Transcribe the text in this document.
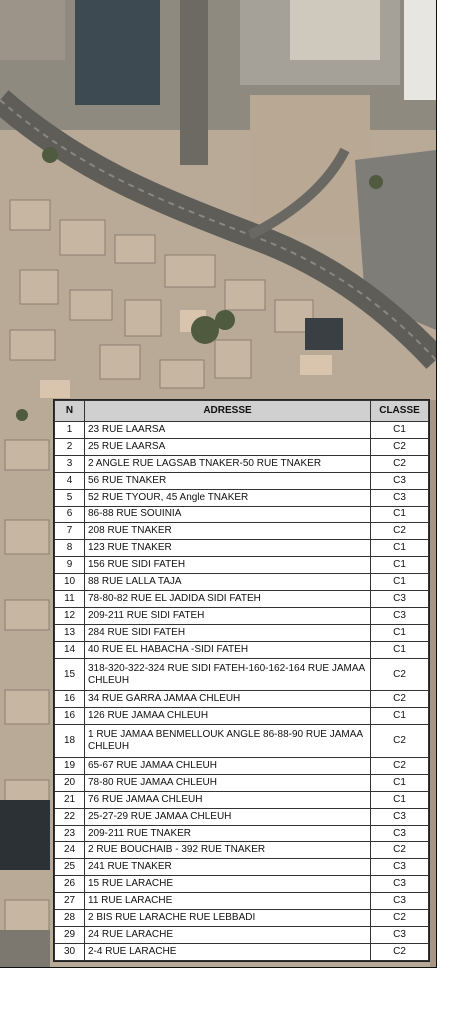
N	ADRESSE	CLASSE
1	23 RUE LAARSA	C1
2	25 RUE LAARSA	C2
3	2 ANGLE RUE LAGSAB TNAKER-50 RUE TNAKER	C2
4	56 RUE TNAKER	C3
5	52 RUE TYOUR, 45 Angle TNAKER	C3
6	86-88 RUE SOUINIA	C1
7	208 RUE TNAKER	C2
8	123 RUE TNAKER	C1
9	156 RUE SIDI FATEH	C1
10	88 RUE LALLA TAJA	C1
11	78-80-82 RUE EL JADIDA SIDI FATEH	C3
12	209-211 RUE SIDI FATEH	C3
13	284 RUE SIDI FATEH	C1
14	40 RUE EL HABACHA -SIDI FATEH	C1
15	318-320-322-324 RUE SIDI FATEH-160-162-164 RUE JAMAA CHLEUH	C2
16	34 RUE GARRA JAMAA CHLEUH	C2
16	126 RUE JAMAA CHLEUH	C1
18	1 RUE JAMAA BENMELLOUK ANGLE 86-88-90 RUE JAMAA CHLEUH	C2
19	65-67 RUE JAMAA CHLEUH	C2
20	78-80 RUE JAMAA CHLEUH	C1
21	76 RUE JAMAA CHLEUH	C1
22	25-27-29 RUE JAMAA CHLEUH	C3
23	209-211 RUE TNAKER	C3
24	2 RUE BOUCHAIB - 392 RUE TNAKER	C2
25	241 RUE TNAKER	C3
26	15 RUE LARACHE	C3
27	11 RUE LARACHE	C3
28	2 BIS RUE LARACHE RUE LEBBADI	C2
29	24 RUE LARACHE	C3
30	2-4 RUE LARACHE	C2
